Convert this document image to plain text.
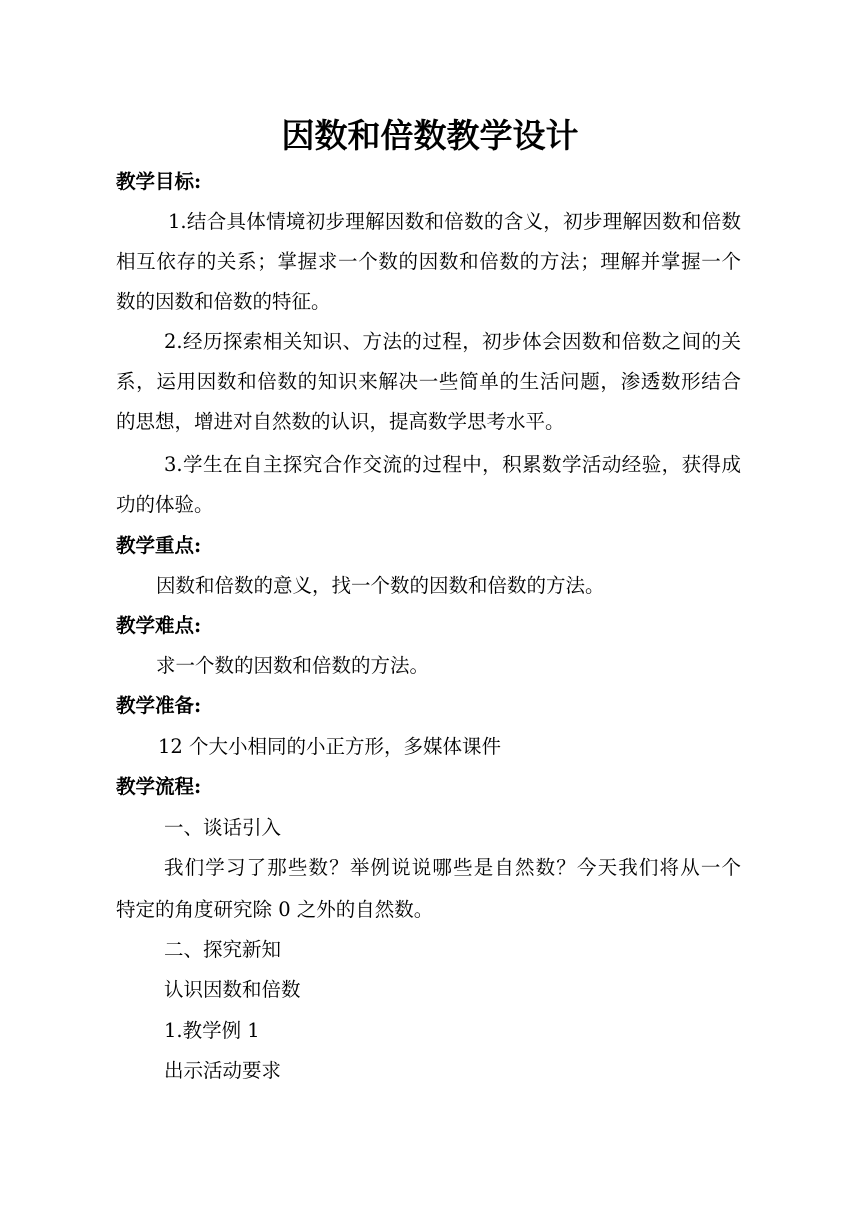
因数和倍数教学设计

教学目标:

1.结合具体情境初步理解因数和倍数的含义，初步理解因数和倍数

相互依存的关系；掌握求一个数的因数和倍数的方法；理解并掌握一个

数的因数和倍数的特征。

2.经历探索相关知识、方法的过程，初步体会因数和倍数之间的关

系，运用因数和倍数的知识来解决一些简单的生活问题，渗透数形结合

的思想，增进对自然数的认识，提高数学思考水平。

3.学生在自主探究合作交流的过程中，积累数学活动经验，获得成

功的体验。

教学重点:

因数和倍数的意义，找一个数的因数和倍数的方法。

教学难点:

求一个数的因数和倍数的方法。

教学准备:

12 个大小相同的小正方形，多媒体课件

教学流程:

一、谈话引入

我们学习了那些数？举例说说哪些是自然数？今天我们将从一个

特定的角度研究除 0 之外的自然数。

二、探究新知

认识因数和倍数

1.教学例 1

出示活动要求
